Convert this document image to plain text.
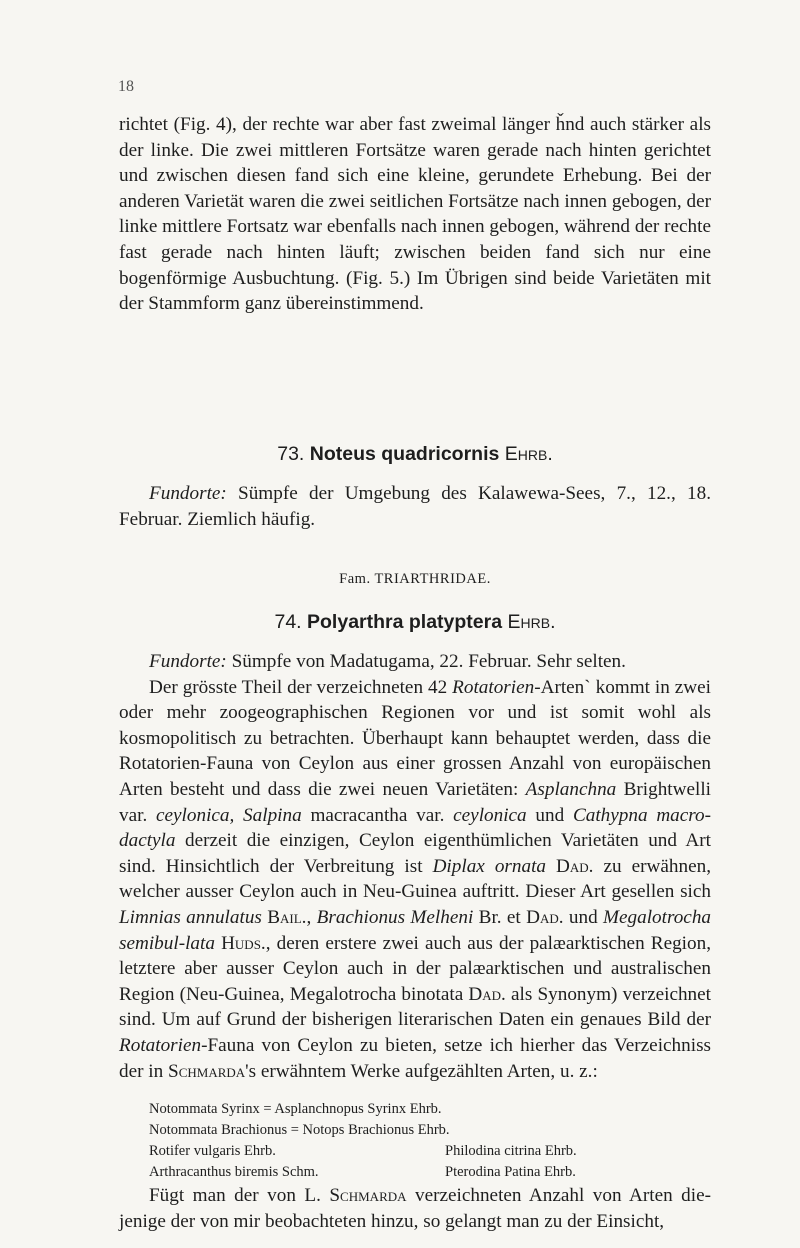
18

richtet (Fig. 4), der rechte war aber fast zweimal länger ȟnd auch stärker als der linke. Die zwei mittleren Fortsätze waren gerade nach hinten gerichtet und zwischen diesen fand sich eine kleine, gerundete Erhebung. Bei der anderen Varietät waren die zwei seitlichen Fortsätze nach innen gebogen, der linke mittlere Fortsatz war ebenfalls nach innen gebogen, während der rechte fast gerade nach hinten läuft; zwischen beiden fand sich nur eine bogenförmige Ausbuchtung. (Fig. 5.) Im Übrigen sind beide Varietäten mit der Stammform ganz übereinstimmend.

73. Noteus quadricornis Ehrb.

Fundorte: Sümpfe der Umgebung des Kalawewa-Sees, 7., 12., 18. Februar. Ziemlich häufig.

Fam. TRIARTHRIDAE.
74. Polyarthra platyptera Ehrb.

Fundorte: Sümpfe von Madatugama, 22. Februar. Sehr selten.

Der grösste Theil der verzeichneten 42 Rotatorien-Arten` kommt in zwei oder mehr zoogeographischen Regionen vor und ist somit wohl als kosmopolitisch zu betrachten. Überhaupt kann behauptet werden, dass die Rotatorien-Fauna von Ceylon aus einer grossen Anzahl von europäischen Arten besteht und dass die zwei neuen Varietäten: Asplanchna Brightwelli var. ceylonica, Salpina macracantha var. ceylonica und Cathypna macro-dactyla derzeit die einzigen, Ceylon eigenthümlichen Varietäten und Art sind. Hinsichtlich der Verbreitung ist Diplax ornata Dad. zu erwähnen, welcher ausser Ceylon auch in Neu-Guinea auftritt. Dieser Art gesellen sich Limnias annulatus Bail., Brachionus Melheni Br. et Dad. und Megalotrocha semibul-lata Huds., deren erstere zwei auch aus der palæarktischen Region, letztere aber ausser Ceylon auch in der palæarktischen und australischen Region (Neu-Guinea, Megalotrocha binotata Dad. als Synonym) verzeichnet sind. Um auf Grund der bisherigen literarischen Daten ein genaues Bild der Rotatorien-Fauna von Ceylon zu bieten, setze ich hierher das Verzeichniss der in Schmarda's erwähntem Werke aufgezählten Arten, u. z.:

Notommata Syrinx = Asplanchnopus Syrinx Ehrb.
Notommata Brachionus = Notops Brachionus Ehrb.
Rotifer vulgaris Ehrb.	Philodina citrina Ehrb.
Arthracanthus biremis Schm.	Pterodina Patina Ehrb.

Fügt man der von L. Schmarda verzeichneten Anzahl von Arten die-jenige der von mir beobachteten hinzu, so gelangt man zu der Einsicht,
